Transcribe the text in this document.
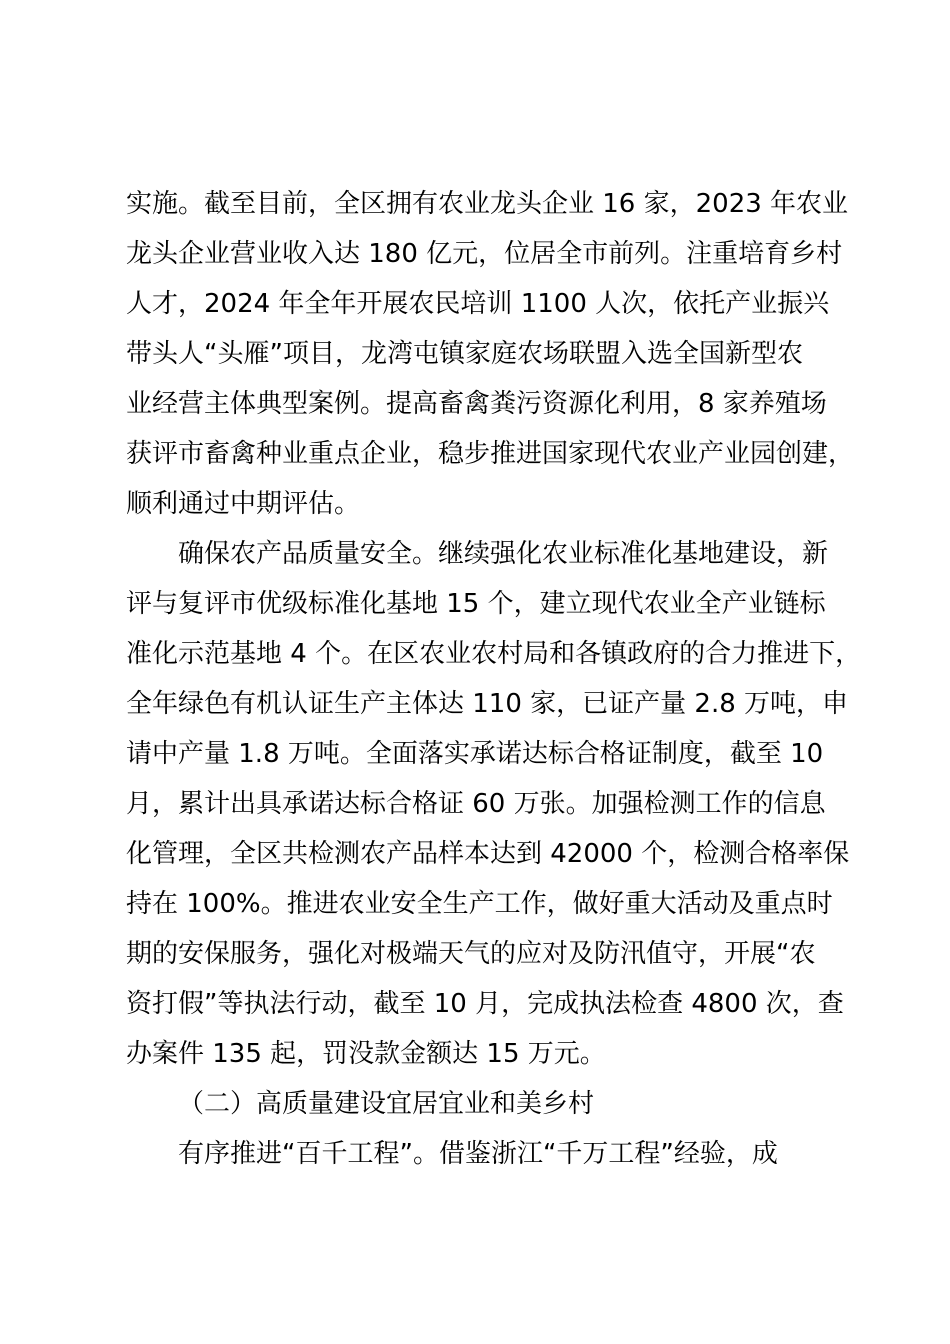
实施。截至目前，全区拥有农业龙头企业 16 家，2023 年农业
龙头企业营业收入达 180 亿元，位居全市前列。注重培育乡村
人才，2024 年全年开展农民培训 1100 人次，依托产业振兴
带头人“头雁”项目，龙湾屯镇家庭农场联盟入选全国新型农
业经营主体典型案例。提高畜禽粪污资源化利用，8 家养殖场
获评市畜禽种业重点企业，稳步推进国家现代农业产业园创建，
顺利通过中期评估。
确保农产品质量安全。继续强化农业标准化基地建设，新
评与复评市优级标准化基地 15 个，建立现代农业全产业链标
准化示范基地 4 个。在区农业农村局和各镇政府的合力推进下，
全年绿色有机认证生产主体达 110 家，已证产量 2.8 万吨，申
请中产量 1.8 万吨。全面落实承诺达标合格证制度，截至 10
月，累计出具承诺达标合格证 60 万张。加强检测工作的信息
化管理，全区共检测农产品样本达到 42000 个，检测合格率保
持在 100%。推进农业安全生产工作，做好重大活动及重点时
期的安保服务，强化对极端天气的应对及防汛值守，开展“农
资打假”等执法行动，截至 10 月，完成执法检查 4800 次，查
办案件 135 起，罚没款金额达 15 万元。
（二）高质量建设宜居宜业和美乡村
有序推进“百千工程”。借鉴浙江“千万工程”经验，成
